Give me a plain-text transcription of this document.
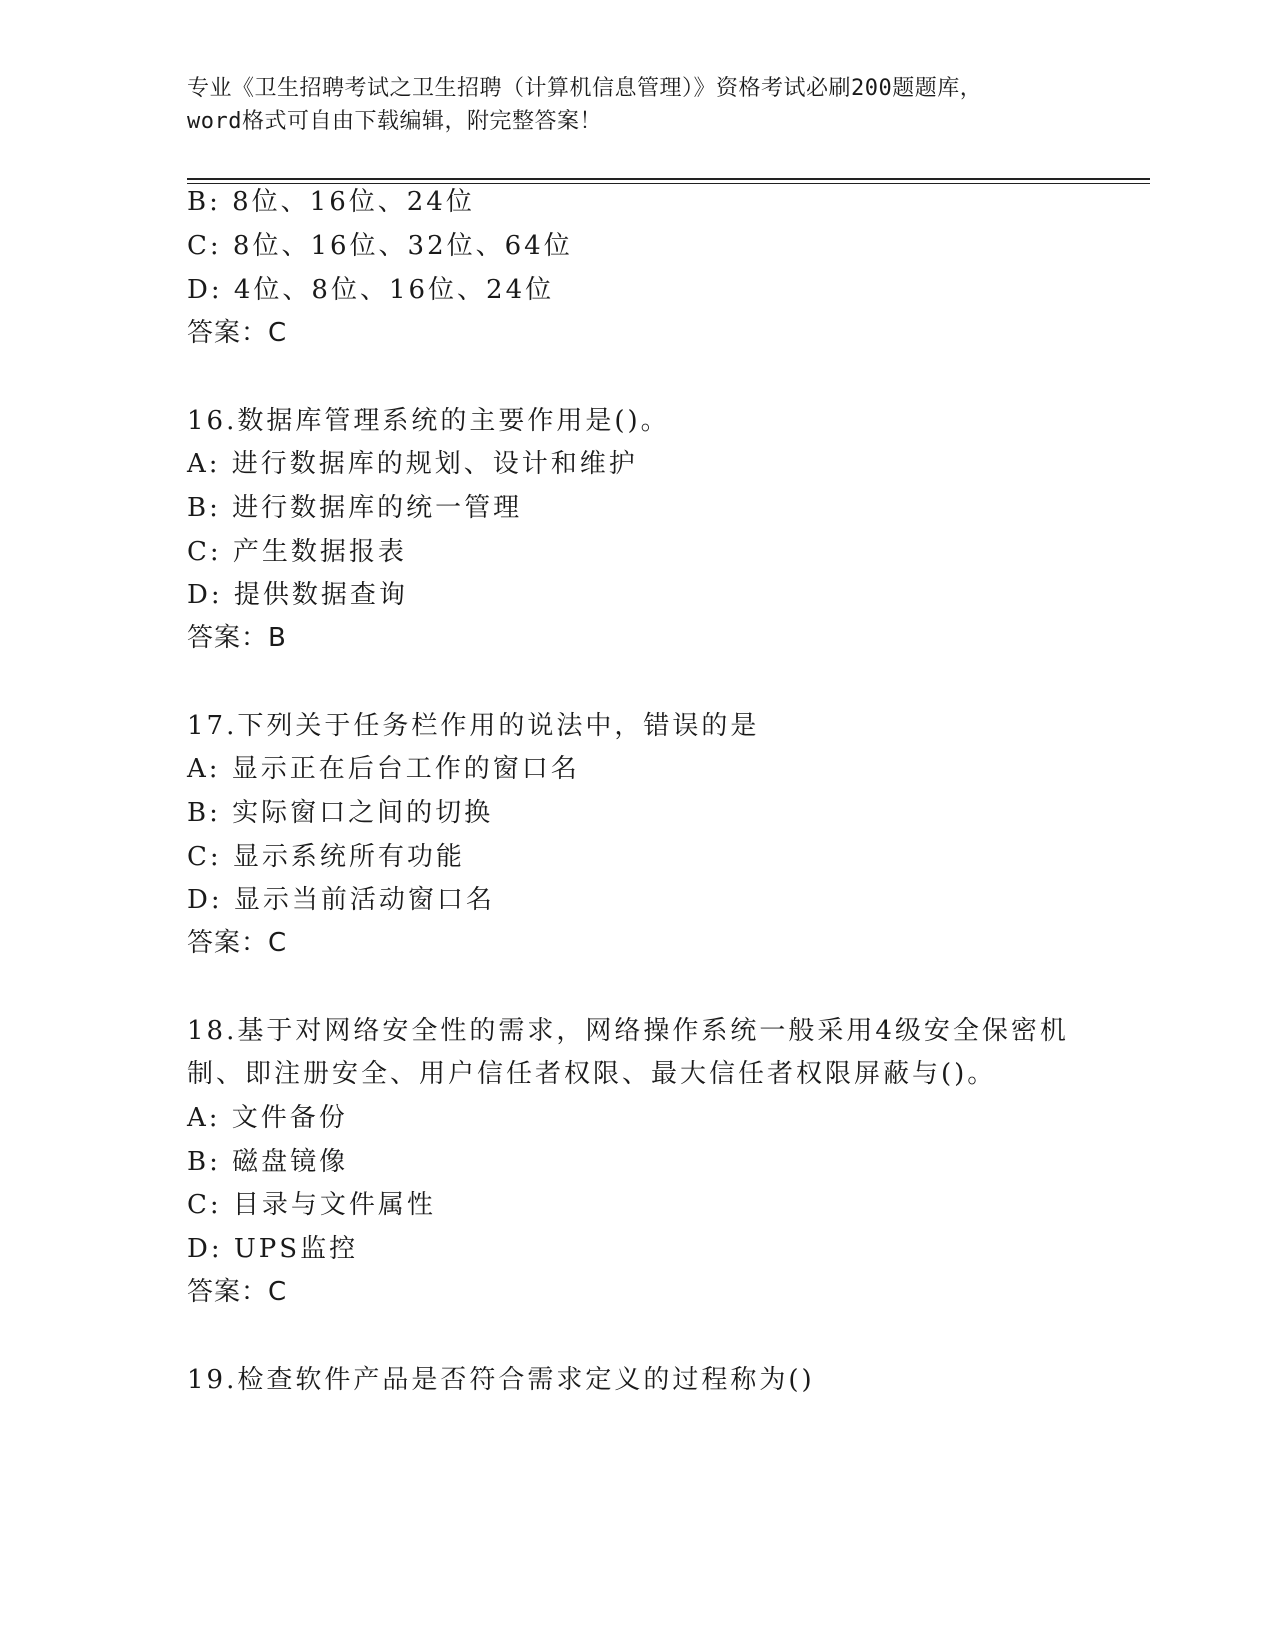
专业《卫生招聘考试之卫生招聘（计算机信息管理）》资格考试必刷200题题库，
word格式可自由下载编辑，附完整答案！
B: 8位、16位、24位
C: 8位、16位、32位、64位
D: 4位、8位、16位、24位
答案：C
16.数据库管理系统的主要作用是()。
A: 进行数据库的规划、设计和维护
B: 进行数据库的统一管理
C: 产生数据报表
D: 提供数据查询
答案：B
17.下列关于任务栏作用的说法中，错误的是
A: 显示正在后台工作的窗口名
B: 实际窗口之间的切换
C: 显示系统所有功能
D: 显示当前活动窗口名
答案：C
18.基于对网络安全性的需求，网络操作系统一般采用4级安全保密机
制、即注册安全、用户信任者权限、最大信任者权限屏蔽与()。
A: 文件备份
B: 磁盘镜像
C: 目录与文件属性
D: UPS监控
答案：C
19.检查软件产品是否符合需求定义的过程称为()
